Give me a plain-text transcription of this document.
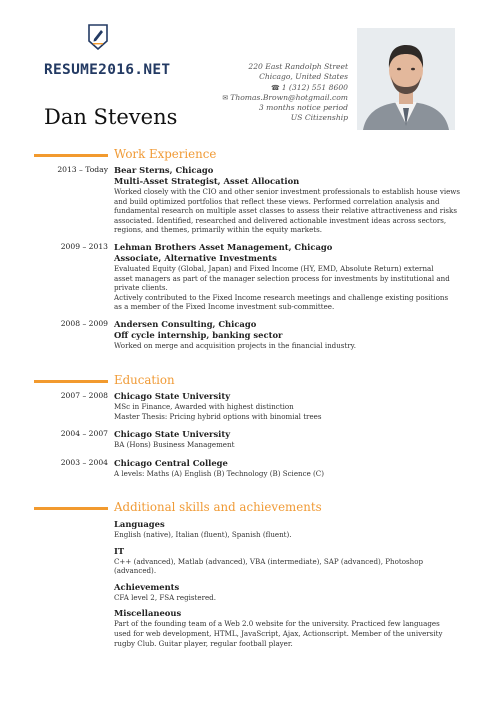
RESUME2016.NET
Dan Stevens
220 East Randolph Street
Chicago, United States
☎ 1 (312) 551 8600
✉ Thomas.Brown@hotgmail.com
3 months notice period
US Citizenship
Work Experience
2013 – Today Bear Sterns, Chicago
Multi-Asset Strategist, Asset Allocation
Worked closely with the CIO and other senior investment professionals to establish house views
and build optimized portfolios that reflect these views. Performed correlation analysis and
fundamental research on multiple asset classes to assess their relative attractiveness and risks
associated. Identified, researched and delivered actionable investment ideas across sectors,
regions, and themes, primarily within the equity markets.
2009 – 2013 Lehman Brothers Asset Management, Chicago
Associate, Alternative Investments
Evaluated Equity (Global, Japan) and Fixed Income (HY, EMD, Absolute Return) external
asset managers as part of the manager selection process for investments by institutional and
private clients.
Actively contributed to the Fixed Income research meetings and challenge existing positions
as a member of the Fixed Income investment sub-committee.
2008 – 2009 Andersen Consulting, Chicago
Off cycle internship, banking sector
Worked on merge and acquisition projects in the financial industry.
Education
2007 – 2008 Chicago State University
MSc in Finance, Awarded with highest distinction
Master Thesis: Pricing hybrid options with binomial trees
2004 – 2007 Chicago State University
BA (Hons) Business Management
2003 – 2004 Chicago Central College
A levels: Maths (A) English (B) Technology (B) Science (C)
Additional skills and achievements
Languages
English (native), Italian (fluent), Spanish (fluent).
IT
C++ (advanced), Matlab (advanced), VBA (intermediate), SAP (advanced), Photoshop
(advanced).
Achievements
CFA level 2, FSA registered.
Miscellaneous
Part of the founding team of a Web 2.0 website for the university. Practiced few languages
used for web development, HTML, JavaScript, Ajax, Actionscript. Member of the university
rugby Club. Guitar player, regular football player.
